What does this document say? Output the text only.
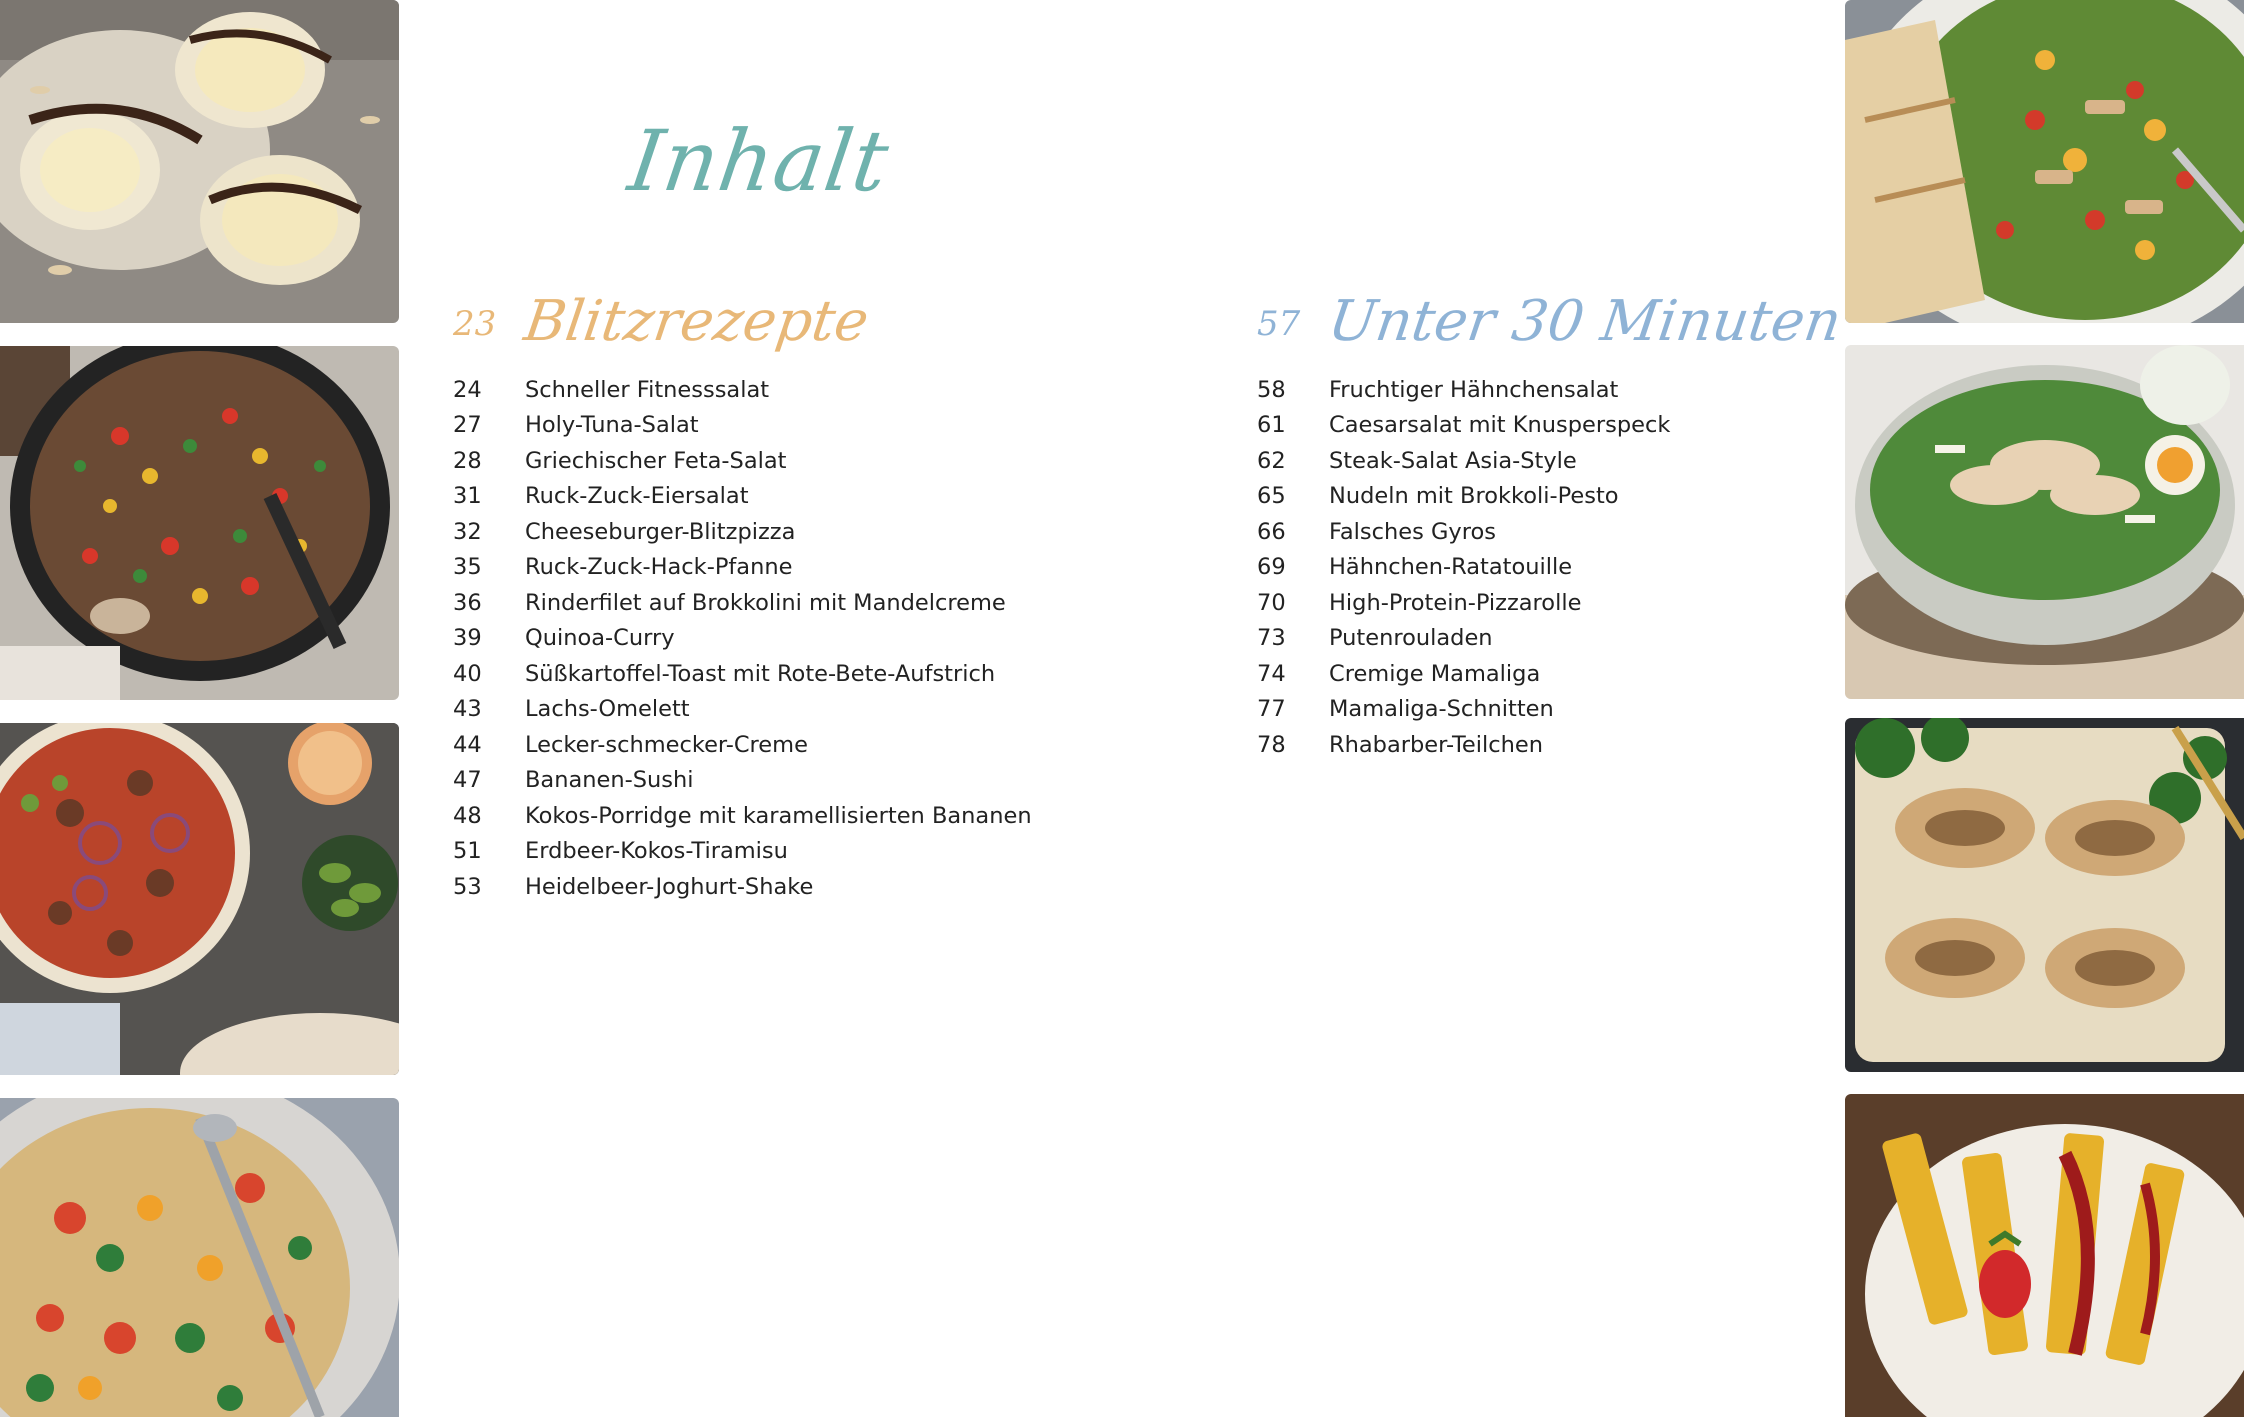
Inhalt
23 Blitzrezepte
24	Schneller Fitnesssalat
27	Holy-Tuna-Salat
28	Griechischer Feta-Salat
31	Ruck-Zuck-Eiersalat
32	Cheeseburger-Blitzpizza
35	Ruck-Zuck-Hack-Pfanne
36	Rinderfilet auf Brokkolini mit Mandelcreme
39	Quinoa-Curry
40	Süßkartoffel-Toast mit Rote-Bete-Aufstrich
43	Lachs-Omelett
44	Lecker-schmecker-Creme
47	Bananen-Sushi
48	Kokos-Porridge mit karamellisierten Bananen
51	Erdbeer-Kokos-Tiramisu
53	Heidelbeer-Joghurt-Shake
57 Unter 30 Minuten
58	Fruchtiger Hähnchensalat
61	Caesarsalat mit Knusperspeck
62	Steak-Salat Asia-Style
65	Nudeln mit Brokkoli-Pesto
66	Falsches Gyros
69	Hähnchen-Ratatouille
70	High-Protein-Pizzarolle
73	Putenrouladen
74	Cremige Mamaliga
77	Mamaliga-Schnitten
78	Rhabarber-Teilchen
